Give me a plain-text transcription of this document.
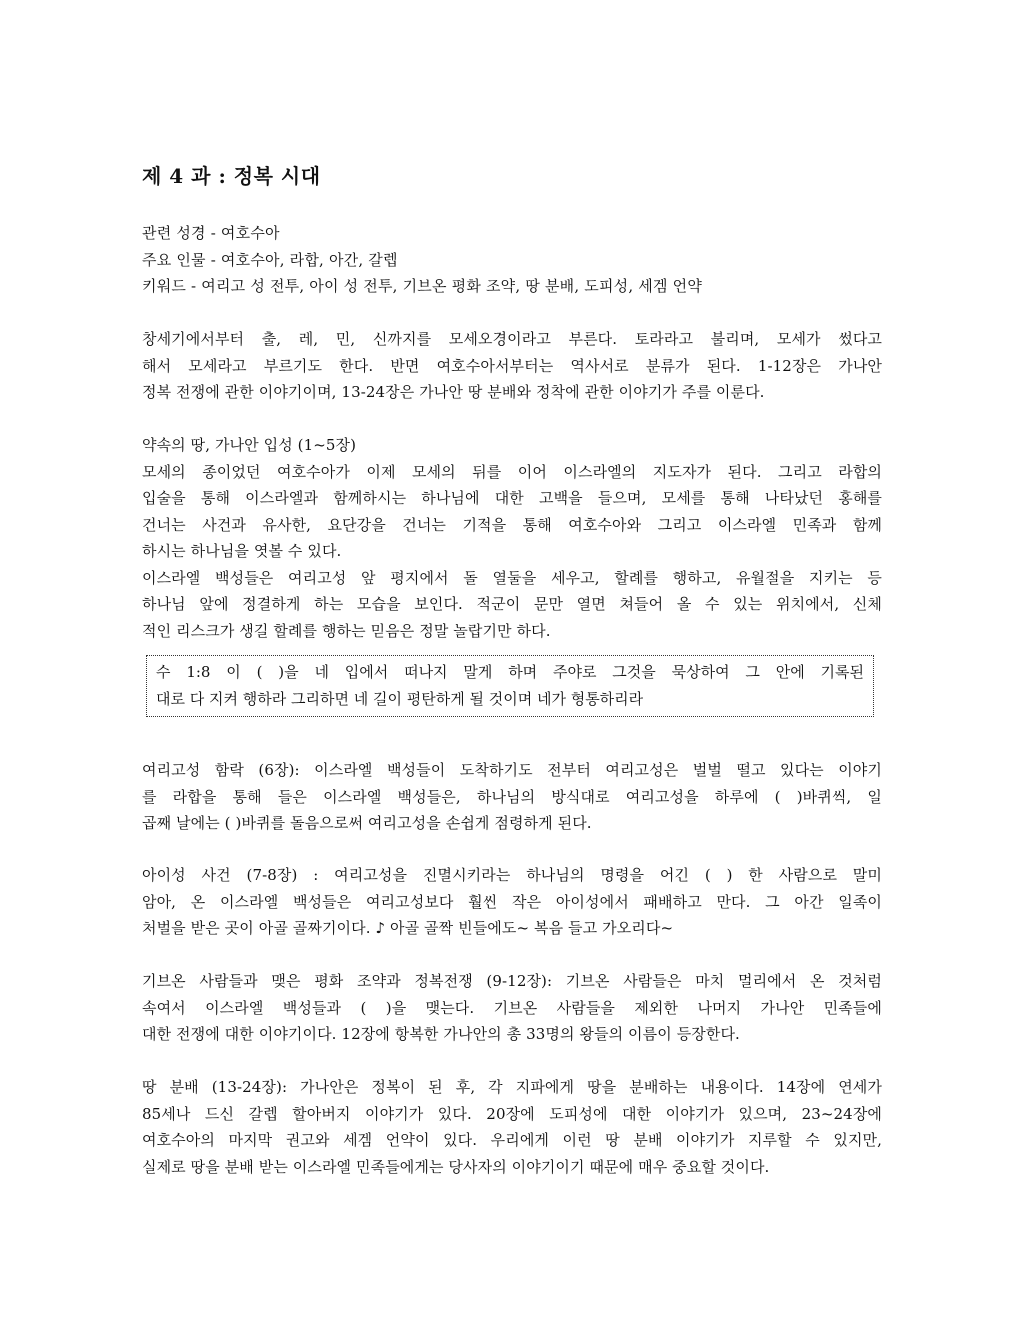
제 4 과 : 정복 시대
관련 성경 - 여호수아
주요 인물 - 여호수아, 라합, 아간, 갈렙
키워드 - 여리고 성 전투, 아이 성 전투, 기브온 평화 조약, 땅 분배, 도피성, 세겜 언약
창세기에서부터 출, 레, 민, 신까지를 모세오경이라고 부른다. 토라라고 불리며, 모세가 썼다고
해서 모세라고 부르기도 한다. 반면 여호수아서부터는 역사서로 분류가 된다. 1-12장은 가나안
정복 전쟁에 관한 이야기이며, 13-24장은 가나안 땅 분배와 정착에 관한 이야기가 주를 이룬다.
약속의 땅, 가나안 입성 (1~5장)
모세의 종이었던 여호수아가 이제 모세의 뒤를 이어 이스라엘의 지도자가 된다. 그리고 라합의
입술을 통해 이스라엘과 함께하시는 하나님에 대한 고백을 들으며, 모세를 통해 나타났던 홍해를
건너는 사건과 유사한, 요단강을 건너는 기적을 통해 여호수아와 그리고 이스라엘 민족과 함께
하시는 하나님을 엿볼 수 있다.
이스라엘 백성들은 여리고성 앞 평지에서 돌 열둘을 세우고, 할례를 행하고, 유월절을 지키는 등
하나님 앞에 정결하게 하는 모습을 보인다. 적군이 문만 열면 쳐들어 올 수 있는 위치에서, 신체
적인 리스크가 생길 할례를 행하는 믿음은 정말 놀랍기만 하다.
수 1:8 이 ( )을 네 입에서 떠나지 말게 하며 주야로 그것을 묵상하여 그 안에 기록된
대로 다 지켜 행하라 그리하면 네 길이 평탄하게 될 것이며 네가 형통하리라
여리고성 함락 (6장): 이스라엘 백성들이 도착하기도 전부터 여리고성은 벌벌 떨고 있다는 이야기
를 라합을 통해 들은 이스라엘 백성들은, 하나님의 방식대로 여리고성을 하루에 ( )바퀴씩, 일
곱째 날에는 ( )바퀴를 돌음으로써 여리고성을 손쉽게 점령하게 된다.
아이성 사건 (7-8장) : 여리고성을 진멸시키라는 하나님의 명령을 어긴 ( ) 한 사람으로 말미
암아, 온 이스라엘 백성들은 여리고성보다 훨씬 작은 아이성에서 패배하고 만다. 그 아간 일족이
처벌을 받은 곳이 아골 골짜기이다. ♪ 아골 골짝 빈들에도~ 복음 들고 가오리다~
기브온 사람들과 맺은 평화 조약과 정복전쟁 (9-12장): 기브온 사람들은 마치 멀리에서 온 것처럼
속여서 이스라엘 백성들과 ( )을 맺는다. 기브온 사람들을 제외한 나머지 가나안 민족들에
대한 전쟁에 대한 이야기이다. 12장에 항복한 가나안의 총 33명의 왕들의 이름이 등장한다.
땅 분배 (13-24장): 가나안은 정복이 된 후, 각 지파에게 땅을 분배하는 내용이다. 14장에 연세가
85세나 드신 갈렙 할아버지 이야기가 있다. 20장에 도피성에 대한 이야기가 있으며, 23~24장에
여호수아의 마지막 권고와 세겜 언약이 있다. 우리에게 이런 땅 분배 이야기가 지루할 수 있지만,
실제로 땅을 분배 받는 이스라엘 민족들에게는 당사자의 이야기이기 때문에 매우 중요할 것이다.
